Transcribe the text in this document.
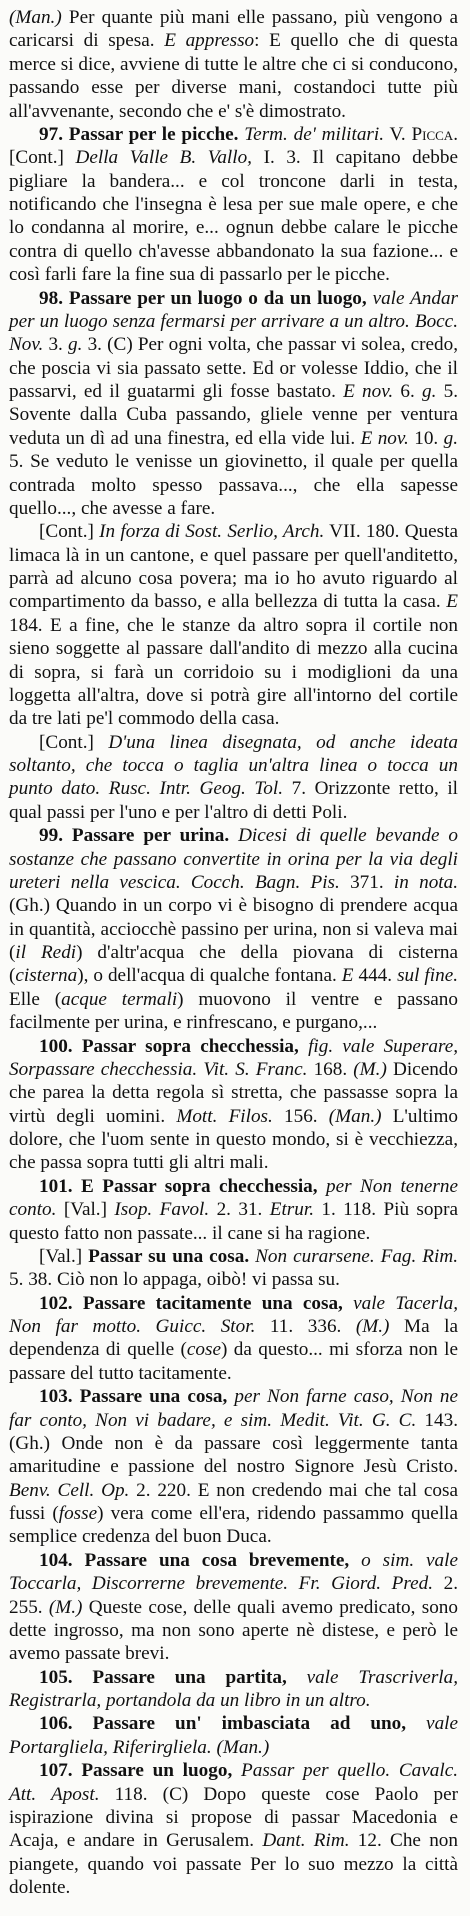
(Man.) Per quante più mani elle passano, più vengono a caricarsi di spesa. E appresso: E quello che di questa merce si dice, avviene di tutte le altre che ci si conducono, passando esse per diverse mani, costandoci tutte più all'avvenante, secondo che e' s'è dimostrato.

97. Passar per le picche. Term. de' militari. V. Picca. [Cont.] Della Valle B. Vallo, I. 3. Il capitano debbe pigliare la bandera... e col troncone darli in testa, notificando che l'insegna è lesa per sue male opere, e che lo condanna al morire, e... ognun debbe calare le picche contra di quello ch'avesse abbandonato la sua fazione... e così farli fare la fine sua di passarlo per le picche.

98. Passare per un luogo o da un luogo, vale Andar per un luogo senza fermarsi per arrivare a un altro. Bocc. Nov. 3. g. 3. (C) Per ogni volta, che passar vi solea, credo, che poscia vi sia passato sette. Ed or volesse Iddio, che il passarvi, ed il guatarmi gli fosse bastato. E nov. 6. g. 5. Sovente dalla Cuba passando, gliele venne per ventura veduta un dì ad una finestra, ed ella vide lui. E nov. 10. g. 5. Se veduto le venisse un giovinetto, il quale per quella contrada molto spesso passava..., che ella sapesse quello..., che avesse a fare.

[Cont.] In forza di Sost. Serlio, Arch. VII. 180. Questa limaca là in un cantone, e quel passare per quell'anditetto, parrà ad alcuno cosa povera; ma io ho avuto riguardo al compartimento da basso, e alla bellezza di tutta la casa. E 184. E a fine, che le stanze da altro sopra il cortile non sieno soggette al passare dall'andito di mezzo alla cucina di sopra, si farà un corridoio su i modiglioni da una loggetta all'altra, dove si potrà gire all'intorno del cortile da tre lati pe'l commodo della casa.

[Cont.] D'una linea disegnata, od anche ideata soltanto, che tocca o taglia un'altra linea o tocca un punto dato. Rusc. Intr. Geog. Tol. 7. Orizzonte retto, il qual passi per l'uno e per l'altro di detti Poli.

99. Passare per urina. Dicesi di quelle bevande o sostanze che passano convertite in orina per la via degli ureteri nella vescica. Cocch. Bagn. Pis. 371. in nota. (Gh.) Quando in un corpo vi è bisogno di prendere acqua in quantità, acciocchè passino per urina, non si valeva mai (il Redi) d'altr'acqua che della piovana di cisterna (cisterna), o dell'acqua di qualche fontana. E 444. sul fine. Elle (acque termali) muovono il ventre e passano facilmente per urina, e rinfrescano, e purgano,...

100. Passar sopra checchessia, fig. vale Superare, Sorpassare checchessia. Vit. S. Franc. 168. (M.) Dicendo che parea la detta regola sì stretta, che passasse sopra la virtù degli uomini. Mott. Filos. 156. (Man.) L'ultimo dolore, che l'uom sente in questo mondo, si è vecchiezza, che passa sopra tutti gli altri mali.

101. E Passar sopra checchessia, per Non tenerne conto. [Val.] Isop. Favol. 2. 31. Etrur. 1. 118. Più sopra questo fatto non passate... il cane si ha ragione.

[Val.] Passar su una cosa. Non curarsene. Fag. Rim. 5. 38. Ciò non lo appaga, oibò! vi passa su.

102. Passare tacitamente una cosa, vale Tacerla, Non far motto. Guicc. Stor. 11. 336. (M.) Ma la dependenza di quelle (cose) da questo... mi sforza non le passare del tutto tacitamente.

103. Passare una cosa, per Non farne caso, Non ne far conto, Non vi badare, e sim. Medit. Vit. G. C. 143. (Gh.) Onde non è da passare così leggermente tanta amaritudine e passione del nostro Signore Jesù Cristo. Benv. Cell. Op. 2. 220. E non credendo mai che tal cosa fussi (fosse) vera come ell'era, ridendo passammo quella semplice credenza del buon Duca.

104. Passare una cosa brevemente, o sim. vale Toccarla, Discorrerne brevemente. Fr. Giord. Pred. 2. 255. (M.) Queste cose, delle quali avemo predicato, sono dette ingrosso, ma non sono aperte nè distese, e però le avemo passate brevi.

105. Passare una partita, vale Trascriverla, Registrarla, portandola da un libro in un altro.

106. Passare un' imbasciata ad uno, vale Portargliela, Riferirgliela. (Man.)

107. Passare un luogo, Passar per quello. Cavalc. Att. Apost. 118. (C) Dopo queste cose Paolo per ispirazione divina si propose di passar Macedonia e Acaja, e andare in Gerusalem. Dant. Rim. 12. Che non piangete, quando voi passate Per lo suo mezzo la città dolente.
